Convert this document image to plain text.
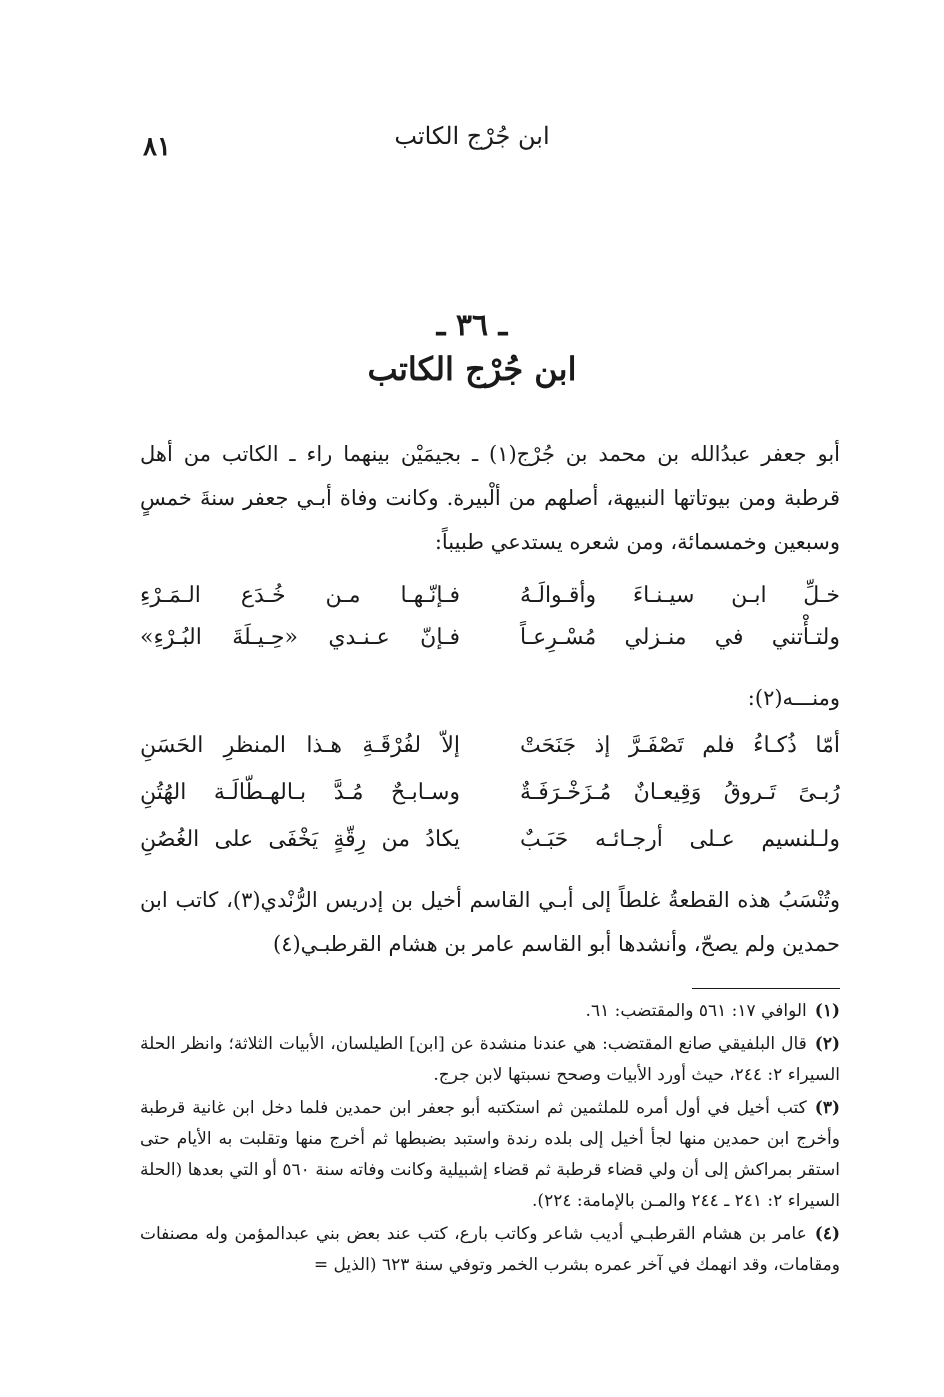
ابن جُرْج الكاتب
٨١
ـ ٣٦ ـ
ابن جُرْج الكاتب
أبو جعفر عبدُالله بن محمد بن جُرْج(١) ـ بجيمَيْن بينهما راء ـ الكاتب من أهل قرطبة ومن بيوتاتها النبيهة، أصلهم من ألْبيرة. وكانت وفاة أبـي جعفر سنةَ خمسٍ وسبعين وخمسمائة، ومن شعره يستدعي طبيباً:
خـلِّ ابـن سيـنـاءَ وأقـوالَـهُ
فـإنّـهـا مـن خُـدَع الـمَـرْءِ
ولتـأْتني في منـزلي مُسْـرِعـاً
فـإنّ عـنـدي «حِـيـلَةَ البُـرْءِ»
ومنـــه(٢):
أمّا ذُكـاءُ فلم تَصْفَـرَّ إذ جَنَحَتْ
إلاّ لفُرْقَـةِ هـذا المنظرِ الحَسَنِ
رُبـىً تَـروقُ وَقِيعـانٌ مُـزَخْـرَفَـةٌ
وسـابـحٌ مُـدَّ بـالهـطّالَـة الهُتُنِ
ولـلنسيم عـلى أرجـائـه حَبَـبٌ
يكادُ من رِقّةٍ يَخْفَى على الغُصُنِ
وتُنْسَبُ هذه القطعةُ غلطاً إلى أبـي القاسم أخيل بن إدريس الرُّنْدي(٣)، كاتب ابن حمدين ولم يصحّ، وأنشدها أبو القاسم عامر بن هشام القرطبـي(٤)
(١)الوافي ١٧: ٥٦١ والمقتضب: ٦١.
(٢)قال البلفيقي صانع المقتضب: هي عندنا منشدة عن [ابن] الطيلسان، الأبيات الثلاثة؛ وانظر الحلة السيراء ٢: ٢٤٤، حيث أورد الأبيات وصحح نسبتها لابن جرج.
(٣)كتب أخيل في أول أمره للملثمين ثم استكتبه أبو جعفر ابن حمدين فلما دخل ابن غانية قرطبة وأخرج ابن حمدين منها لجأ أخيل إلى بلده رندة واستبد بضبطها ثم أخرج منها وتقلبت به الأيام حتى استقر بمراكش إلى أن ولي قضاء قرطبة ثم قضاء إشبيلية وكانت وفاته سنة ٥٦٠ أو التي بعدها (الحلة السيراء ٢: ٢٤١ ـ ٢٤٤ والمـن بالإمامة: ٢٢٤).
(٤)عامر بن هشام القرطبـي أديب شاعر وكاتب بارع، كتب عند بعض بني عبدالمؤمن وله مصنفات ومقامات، وقد انهمك في آخر عمره بشرب الخمر وتوفي سنة ٦٢٣ (الذيل =
